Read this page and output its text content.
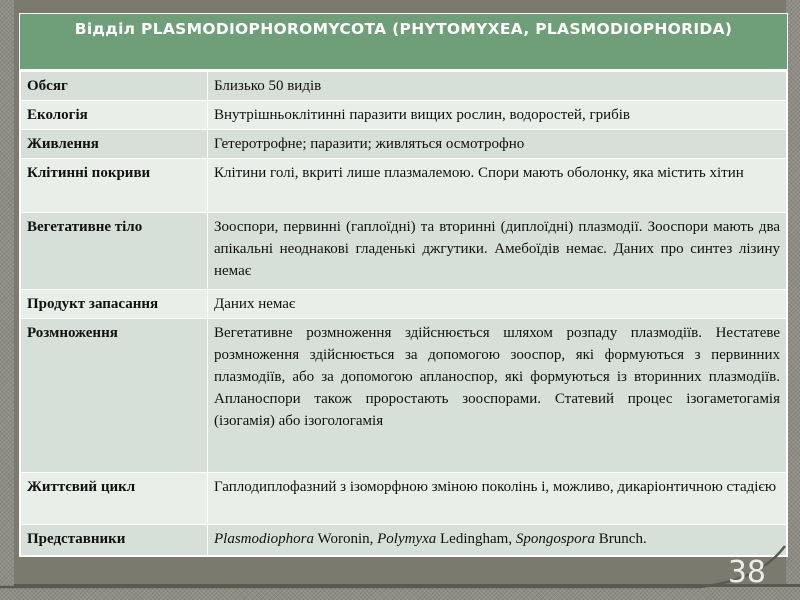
Відділ PLASMODIOPHOROMYCOTA (PHYTOMYXEA, PLASMODIOPHORIDA)
Обсяг	Близько 50 видів
Екологія	Внутрішньоклітинні паразити вищих рослин, водоростей, грибів
Живлення	Гетеротрофне; паразити; живляться осмотрофно
Клітинні покриви	Клітини голі, вкриті лише плазмалемою. Спори мають оболонку, яка містить хітин
Вегетативне тіло	Зооспори, первинні (гаплоїдні) та вторинні (диплоїдні) плазмодії. Зооспори мають два апікальні неоднакові гладенькі джгутики. Амебоїдів немає. Даних про синтез лізину немає
Продукт запасання	Даних немає
Розмноження	Вегетативне розмноження здійснюється шляхом розпаду плазмодіїв. Нестатеве розмноження здійснюється за допомогою зооспор, які формуються з первинних плазмодіїв, або за допомогою апланоспор, які формуються із вторинних плазмодіїв. Апланоспори також проростають зооспорами. Статевий процес ізогаметогамія (ізогамія) або ізогологамія
Життєвий цикл	Гаплодиплофазний з ізоморфною зміною поколінь і, можливо, дикаріонтичною стадією
Представники	Plasmodiophora Woronin, Polymyxa Ledingham, Spongospora Brunch.
38
